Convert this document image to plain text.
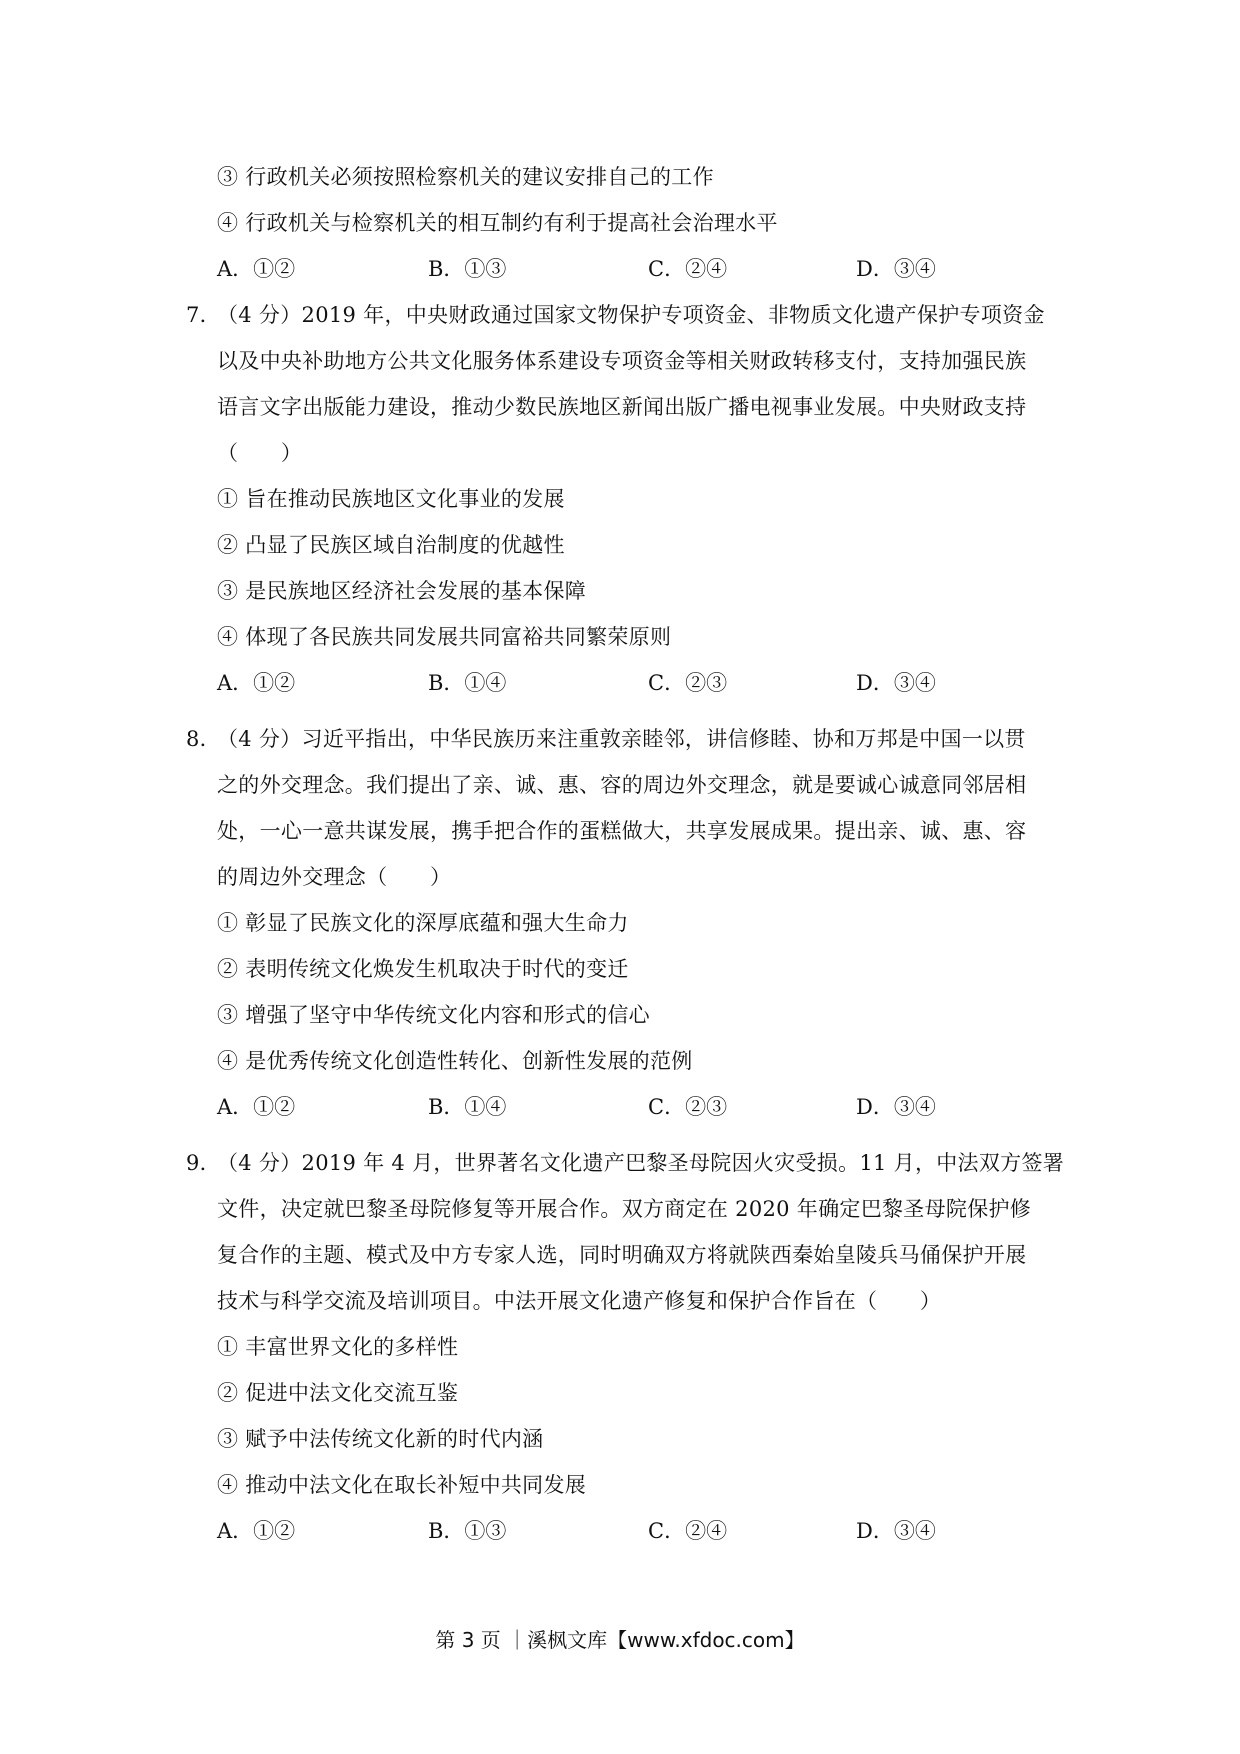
③ 行政机关必须按照检察机关的建议安排自己的工作
④ 行政机关与检察机关的相互制约有利于提高社会治理水平
A．①②	B．①③	C．②④	D．③④
7．（4 分）2019 年，中央财政通过国家文物保护专项资金、非物质文化遗产保护专项资金
以及中央补助地方公共文化服务体系建设专项资金等相关财政转移支付，支持加强民族
语言文字出版能力建设，推动少数民族地区新闻出版广播电视事业发展。中央财政支持
（　　）
① 旨在推动民族地区文化事业的发展
② 凸显了民族区域自治制度的优越性
③ 是民族地区经济社会发展的基本保障
④ 体现了各民族共同发展共同富裕共同繁荣原则
A．①②	B．①④	C．②③	D．③④
8．（4 分）习近平指出，中华民族历来注重敦亲睦邻，讲信修睦、协和万邦是中国一以贯
之的外交理念。我们提出了亲、诚、惠、容的周边外交理念，就是要诚心诚意同邻居相
处，一心一意共谋发展，携手把合作的蛋糕做大，共享发展成果。提出亲、诚、惠、容
的周边外交理念（　　）
① 彰显了民族文化的深厚底蕴和强大生命力
② 表明传统文化焕发生机取决于时代的变迁
③ 增强了坚守中华传统文化内容和形式的信心
④ 是优秀传统文化创造性转化、创新性发展的范例
A．①②	B．①④	C．②③	D．③④
9．（4 分）2019 年 4 月，世界著名文化遗产巴黎圣母院因火灾受损。11 月，中法双方签署
文件，决定就巴黎圣母院修复等开展合作。双方商定在 2020 年确定巴黎圣母院保护修
复合作的主题、模式及中方专家人选，同时明确双方将就陕西秦始皇陵兵马俑保护开展
技术与科学交流及培训项目。中法开展文化遗产修复和保护合作旨在（　　）
① 丰富世界文化的多样性
② 促进中法文化交流互鉴
③ 赋予中法传统文化新的时代内涵
④ 推动中法文化在取长补短中共同发展
A．①②	B．①③	C．②④	D．③④
第 3 页 ｜溪枫文库【www.xfdoc.com】
